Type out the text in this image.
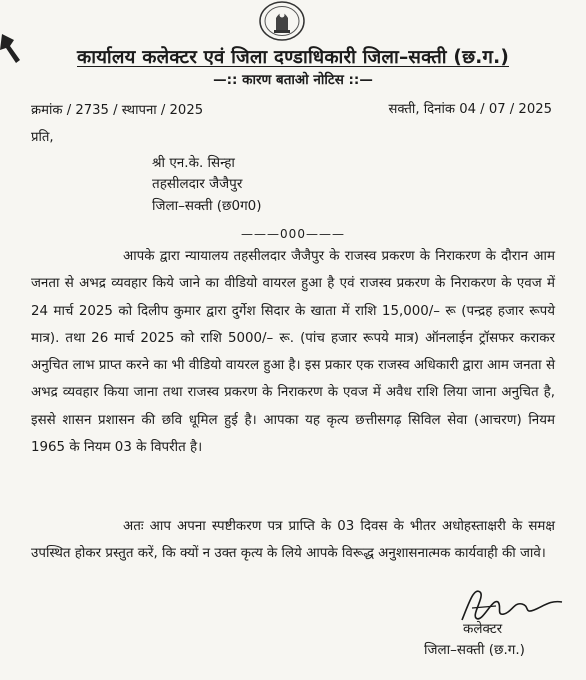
कार्यालय कलेक्टर एवं जिला दण्डाधिकारी जिला–सक्ती (छ.ग.)
—:: कारण बताओ नोटिस ::—
क्रमांक / 2735 / स्थापना / 2025	सक्ती, दिनांक 04 / 07 / 2025
प्रति,
श्री एन.के. सिन्हा
तहसीलदार जैजैपुर
जिला–सक्ती (छ0ग0)
———000———
आपके द्वारा न्यायालय तहसीलदार जैजैपुर के राजस्व प्रकरण के निराकरण के दौरान आम जनता से अभद्र व्यवहार किये जाने का वीडियो वायरल हुआ है एवं राजस्व प्रकरण के निराकरण के एवज में 24 मार्च 2025 को दिलीप कुमार द्वारा दुर्गेश सिदार के खाता में राशि 15,000/– रू (पन्द्रह हजार रूपये मात्र). तथा 26 मार्च 2025 को राशि 5000/– रू. (पांच हजार रूपये मात्र) ऑनलाईन ट्रॉसफर कराकर अनुचित लाभ प्राप्त करने का भी वीडियो वायरल हुआ है। इस प्रकार एक राजस्व अधिकारी द्वारा आम जनता से अभद्र व्यवहार किया जाना तथा राजस्व प्रकरण के निराकरण के एवज में अवैध राशि लिया जाना अनुचित है, इससे शासन प्रशासन की छवि धूमिल हुई है। आपका यह कृत्य छत्तीसगढ़ सिविल सेवा (आचरण) नियम 1965 के नियम 03 के विपरीत है।
अतः आप अपना स्पष्टीकरण पत्र प्राप्ति के 03 दिवस के भीतर अधोहस्ताक्षरी के समक्ष उपस्थित होकर प्रस्तुत करें, कि क्यों न उक्त कृत्य के लिये आपके विरूद्ध अनुशासनात्मक कार्यवाही की जावे।
कलेक्टर
जिला–सक्ती (छ.ग.)
